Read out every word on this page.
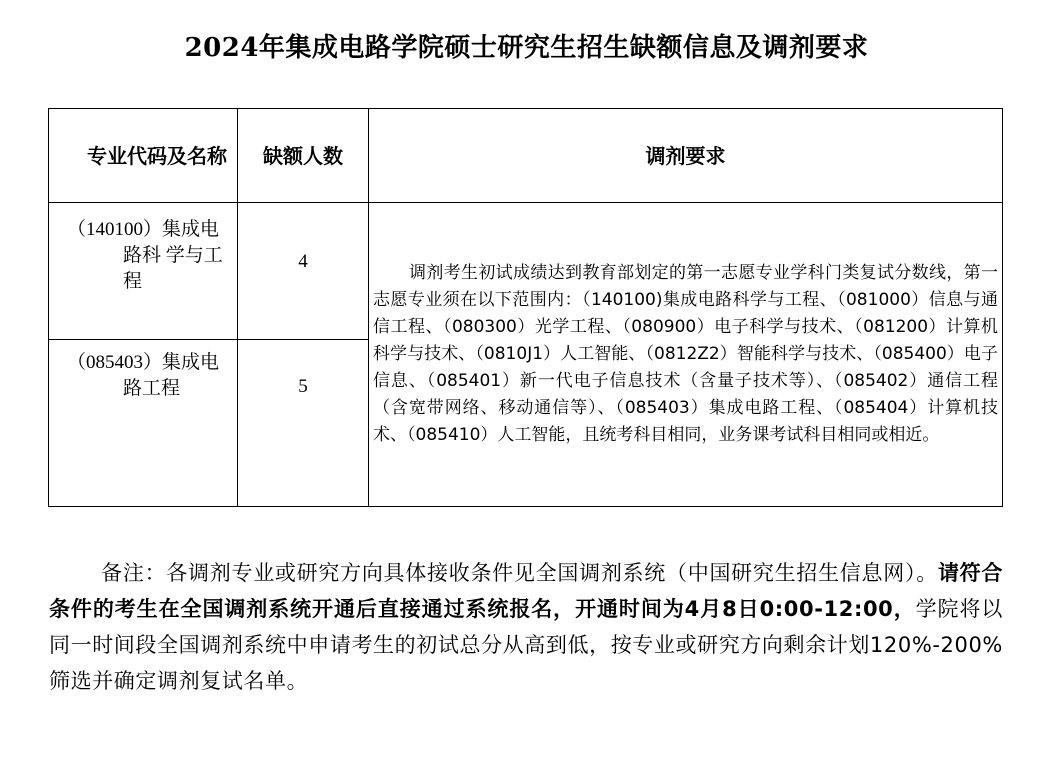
2024年集成电路学院硕士研究生招生缺额信息及调剂要求
专业代码及名称	缺额人数	调剂要求

（140100）集成电
路科 学与工程	4	调剂考生初试成绩达到教育部划定的第一志愿专业学科门类复试分数线，第一志愿专业须在以下范围内：（140100)集成电路科学与工程、（081000）信息与通信工程、（080300）光学工程、（080900）电子科学与技术、（081200）计算机科学与技术、（0810J1）人工智能、（0812Z2）智能科学与技术、（085400）电子信息、（085401）新一代电子信息技术（含量子技术等）、（085402）通信工程（含宽带网络、移动通信等）、（085403）集成电路工程、（085404）计算机技术、（085410）人工智能，且统考科目相同，业务课考试科目相同或相近。

（085403）集成电
路工程	5	
备注：各调剂专业或研究方向具体接收条件见全国调剂系统（中国研究生招生信息网）。请符合条件的考生在全国调剂系统开通后直接通过系统报名，开通时间为4月8日0:00-12:00，学院将以同一时间段全国调剂系统中申请考生的初试总分从高到低，按专业或研究方向剩余计划120%-200%筛选并确定调剂复试名单。
